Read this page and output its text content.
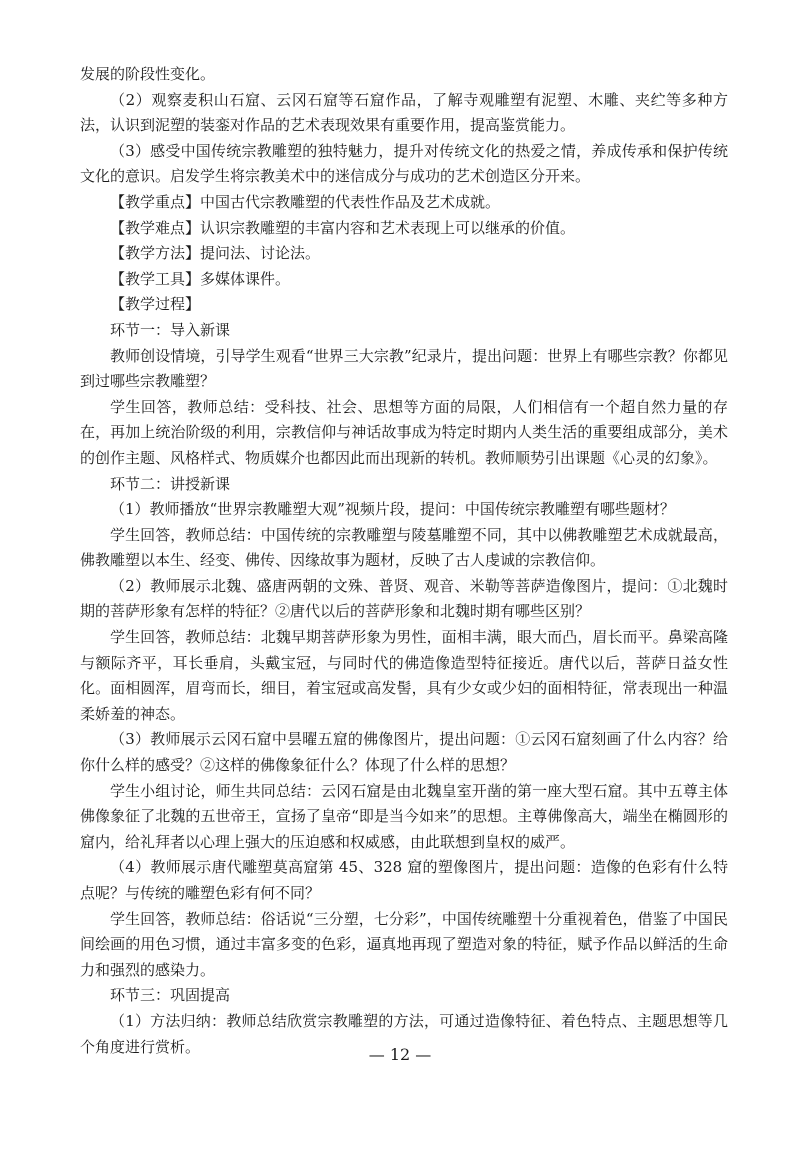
发展的阶段性变化。

（2）观察麦积山石窟、云冈石窟等石窟作品，了解寺观雕塑有泥塑、木雕、夹纻等多种方法，认识到泥塑的装銮对作品的艺术表现效果有重要作用，提高鉴赏能力。

（3）感受中国传统宗教雕塑的独特魅力，提升对传统文化的热爱之情，养成传承和保护传统文化的意识。启发学生将宗教美术中的迷信成分与成功的艺术创造区分开来。

【教学重点】中国古代宗教雕塑的代表性作品及艺术成就。

【教学难点】认识宗教雕塑的丰富内容和艺术表现上可以继承的价值。

【教学方法】提问法、讨论法。

【教学工具】多媒体课件。

【教学过程】

环节一：导入新课

教师创设情境，引导学生观看“世界三大宗教”纪录片，提出问题：世界上有哪些宗教？你都见到过哪些宗教雕塑？

学生回答，教师总结：受科技、社会、思想等方面的局限，人们相信有一个超自然力量的存在，再加上统治阶级的利用，宗教信仰与神话故事成为特定时期内人类生活的重要组成部分，美术的创作主题、风格样式、物质媒介也都因此而出现新的转机。教师顺势引出课题《心灵的幻象》。

环节二：讲授新课

（1）教师播放“世界宗教雕塑大观”视频片段，提问：中国传统宗教雕塑有哪些题材？

学生回答，教师总结：中国传统的宗教雕塑与陵墓雕塑不同，其中以佛教雕塑艺术成就最高，佛教雕塑以本生、经变、佛传、因缘故事为题材，反映了古人虔诚的宗教信仰。

（2）教师展示北魏、盛唐两朝的文殊、普贤、观音、米勒等菩萨造像图片，提问：①北魏时期的菩萨形象有怎样的特征？②唐代以后的菩萨形象和北魏时期有哪些区别？

学生回答，教师总结：北魏早期菩萨形象为男性，面相丰满，眼大而凸，眉长而平。鼻梁高隆与额际齐平，耳长垂肩，头戴宝冠，与同时代的佛造像造型特征接近。唐代以后，菩萨日益女性化。面相圆浑，眉弯而长，细目，着宝冠或高发髻，具有少女或少妇的面相特征，常表现出一种温柔娇羞的神态。

（3）教师展示云冈石窟中昙曜五窟的佛像图片，提出问题：①云冈石窟刻画了什么内容？给你什么样的感受？②这样的佛像象征什么？体现了什么样的思想？

学生小组讨论，师生共同总结：云冈石窟是由北魏皇室开凿的第一座大型石窟。其中五尊主体佛像象征了北魏的五世帝王，宣扬了皇帝“即是当今如来”的思想。主尊佛像高大，端坐在椭圆形的窟内，给礼拜者以心理上强大的压迫感和权威感，由此联想到皇权的威严。

（4）教师展示唐代雕塑莫高窟第 45、328 窟的塑像图片，提出问题：造像的色彩有什么特点呢？与传统的雕塑色彩有何不同？

学生回答，教师总结：俗话说“三分塑，七分彩”，中国传统雕塑十分重视着色，借鉴了中国民间绘画的用色习惯，通过丰富多变的色彩，逼真地再现了塑造对象的特征，赋予作品以鲜活的生命力和强烈的感染力。

环节三：巩固提高

（1）方法归纳：教师总结欣赏宗教雕塑的方法，可通过造像特征、着色特点、主题思想等几个角度进行赏析。	— 12 —
